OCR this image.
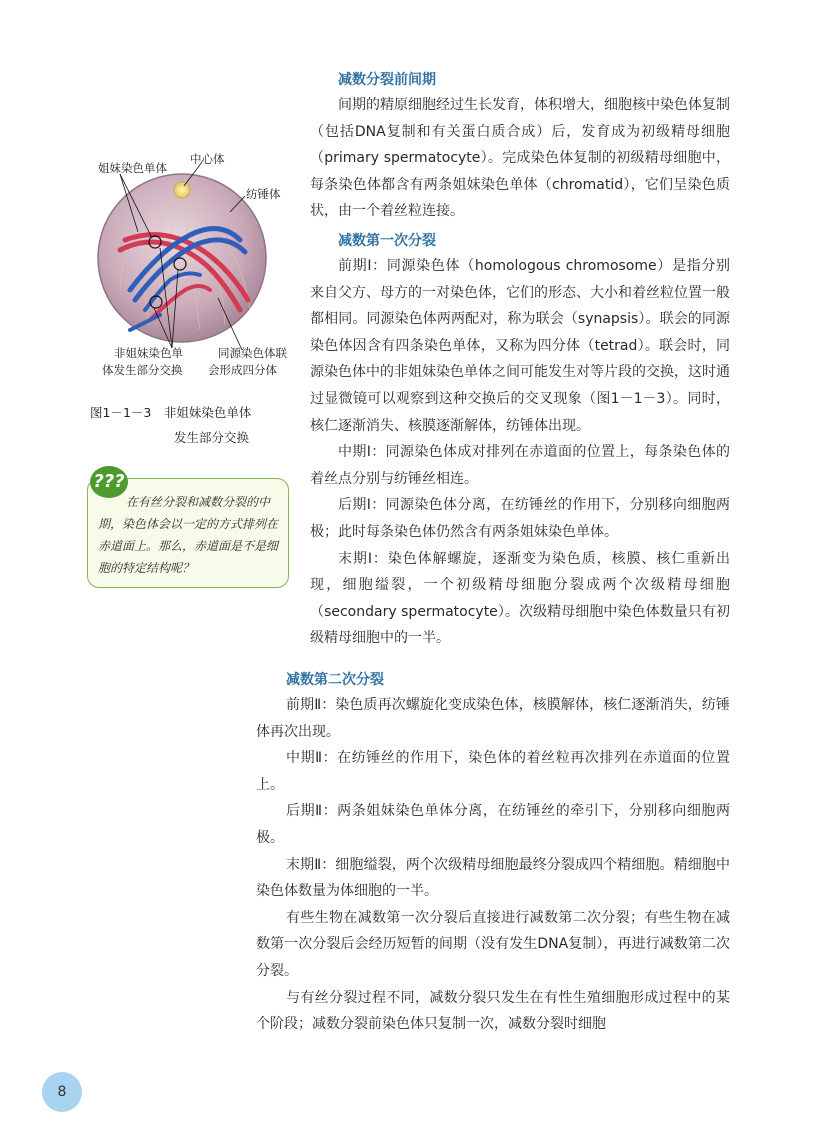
姐妹染色单体
中心体
纺锤体
非姐妹染色单
体发生部分交换
同源染色体联
会形成四分体
图1－1－3　非姐妹染色单体
发生部分交换
在有丝分裂和减数分裂的中期，染色体会以一定的方式排列在赤道面上。那么，赤道面是不是细胞的特定结构呢？
???
减数分裂前间期

间期的精原细胞经过生长发育，体积增大，细胞核中染色体复制（包括DNA复制和有关蛋白质合成）后，发育成为初级精母细胞（primary spermatocyte）。完成染色体复制的初级精母细胞中，每条染色体都含有两条姐妹染色单体（chromatid），它们呈染色质状，由一个着丝粒连接。

减数第一次分裂

前期Ⅰ：同源染色体（homologous chromosome）是指分别来自父方、母方的一对染色体，它们的形态、大小和着丝粒位置一般都相同。同源染色体两两配对，称为联会（synapsis）。联会的同源染色体因含有四条染色单体，又称为四分体（tetrad）。联会时，同源染色体中的非姐妹染色单体之间可能发生对等片段的交换，这时通过显微镜可以观察到这种交换后的交叉现象（图1－1－3）。同时，核仁逐渐消失、核膜逐渐解体，纺锤体出现。

中期Ⅰ：同源染色体成对排列在赤道面的位置上，每条染色体的着丝点分别与纺锤丝相连。

后期Ⅰ：同源染色体分离，在纺锤丝的作用下，分别移向细胞两极；此时每条染色体仍然含有两条姐妹染色单体。

末期Ⅰ：染色体解螺旋，逐渐变为染色质，核膜、核仁重新出现，细胞缢裂，一个初级精母细胞分裂成两个次级精母细胞（secondary spermatocyte）。次级精母细胞中染色体数量只有初级精母细胞中的一半。

减数第二次分裂

前期Ⅱ：染色质再次螺旋化变成染色体，核膜解体，核仁逐渐消失，纺锤体再次出现。

中期Ⅱ：在纺锤丝的作用下，染色体的着丝粒再次排列在赤道面的位置上。

后期Ⅱ：两条姐妹染色单体分离，在纺锤丝的牵引下，分别移向细胞两极。

末期Ⅱ：细胞缢裂，两个次级精母细胞最终分裂成四个精细胞。精细胞中染色体数量为体细胞的一半。

有些生物在减数第一次分裂后直接进行减数第二次分裂；有些生物在减数第一次分裂后会经历短暂的间期（没有发生DNA复制），再进行减数第二次分裂。

与有丝分裂过程不同，减数分裂只发生在有性生殖细胞形成过程中的某个阶段；减数分裂前染色体只复制一次，减数分裂时细胞

8
